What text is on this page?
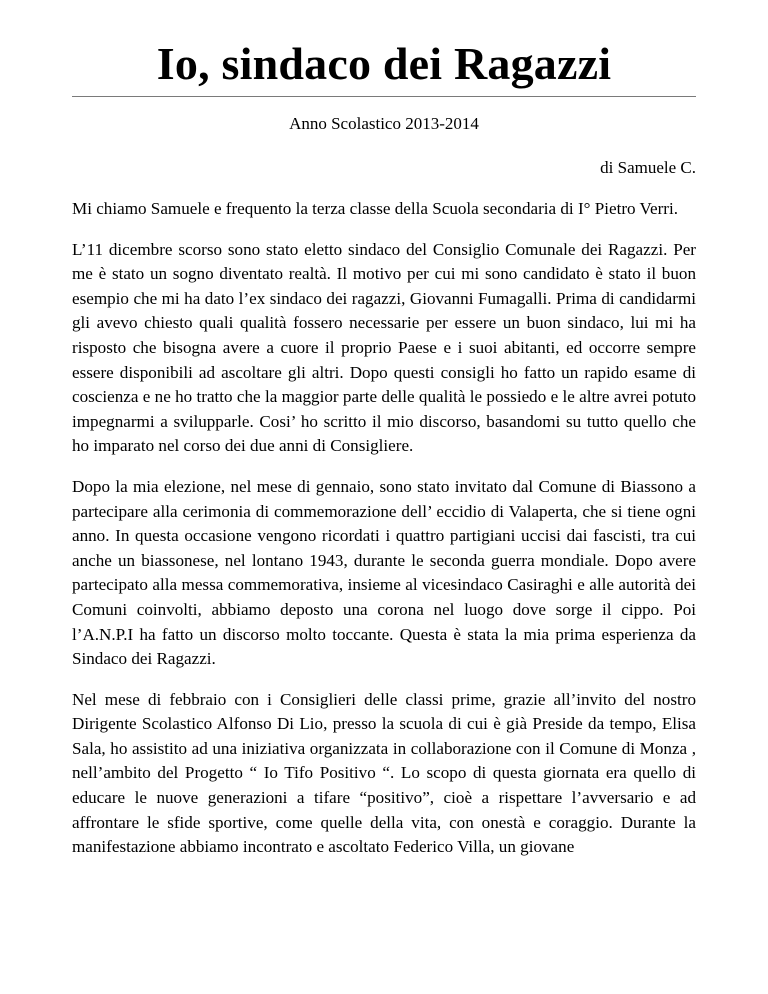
Io, sindaco dei Ragazzi
Anno Scolastico 2013-2014
di Samuele C.

Mi chiamo Samuele e frequento la terza classe della Scuola secondaria di I° Pietro Verri.

L’11 dicembre scorso sono stato eletto sindaco del Consiglio Comunale dei Ragazzi. Per me è stato un sogno diventato realtà. Il motivo per cui mi sono candidato è stato il buon esempio che mi ha dato l’ex sindaco dei ragazzi, Giovanni Fumagalli. Prima di candidarmi gli avevo chiesto quali qualità fossero necessarie per essere un buon sindaco, lui mi ha risposto che bisogna avere a cuore il proprio Paese e i suoi abitanti, ed occorre sempre essere disponibili ad ascoltare gli altri. Dopo questi consigli ho fatto un rapido esame di coscienza e ne ho tratto che la maggior parte delle qualità le possiedo e le altre avrei potuto impegnarmi a svilupparle. Cosi’ ho scritto il mio discorso, basandomi su tutto quello che ho imparato nel corso dei due anni di Consigliere.

Dopo la mia elezione, nel mese di gennaio, sono stato invitato dal Comune di Biassono a partecipare alla cerimonia di commemorazione dell’ eccidio di Valaperta, che si tiene ogni anno. In questa occasione vengono ricordati i quattro partigiani uccisi dai fascisti, tra cui anche un biassonese, nel lontano 1943, durante le seconda guerra mondiale. Dopo avere partecipato alla messa commemorativa, insieme al vicesindaco Casiraghi e alle autorità dei Comuni coinvolti, abbiamo deposto una corona nel luogo dove sorge il cippo. Poi l’A.N.P.I ha fatto un discorso molto toccante. Questa è stata la mia prima esperienza da Sindaco dei Ragazzi.

Nel mese di febbraio con i Consiglieri delle classi prime, grazie all’invito del nostro Dirigente Scolastico Alfonso Di Lio, presso la scuola di cui è già Preside da tempo, Elisa Sala, ho assistito ad una iniziativa organizzata in collaborazione con il Comune di Monza , nell’ambito del Progetto “ Io Tifo Positivo “. Lo scopo di questa giornata era quello di educare le nuove generazioni a tifare “positivo”, cioè a rispettare l’avversario e ad affrontare le sfide sportive, come quelle della vita, con onestà e coraggio. Durante la manifestazione abbiamo incontrato e ascoltato Federico Villa, un giovane
